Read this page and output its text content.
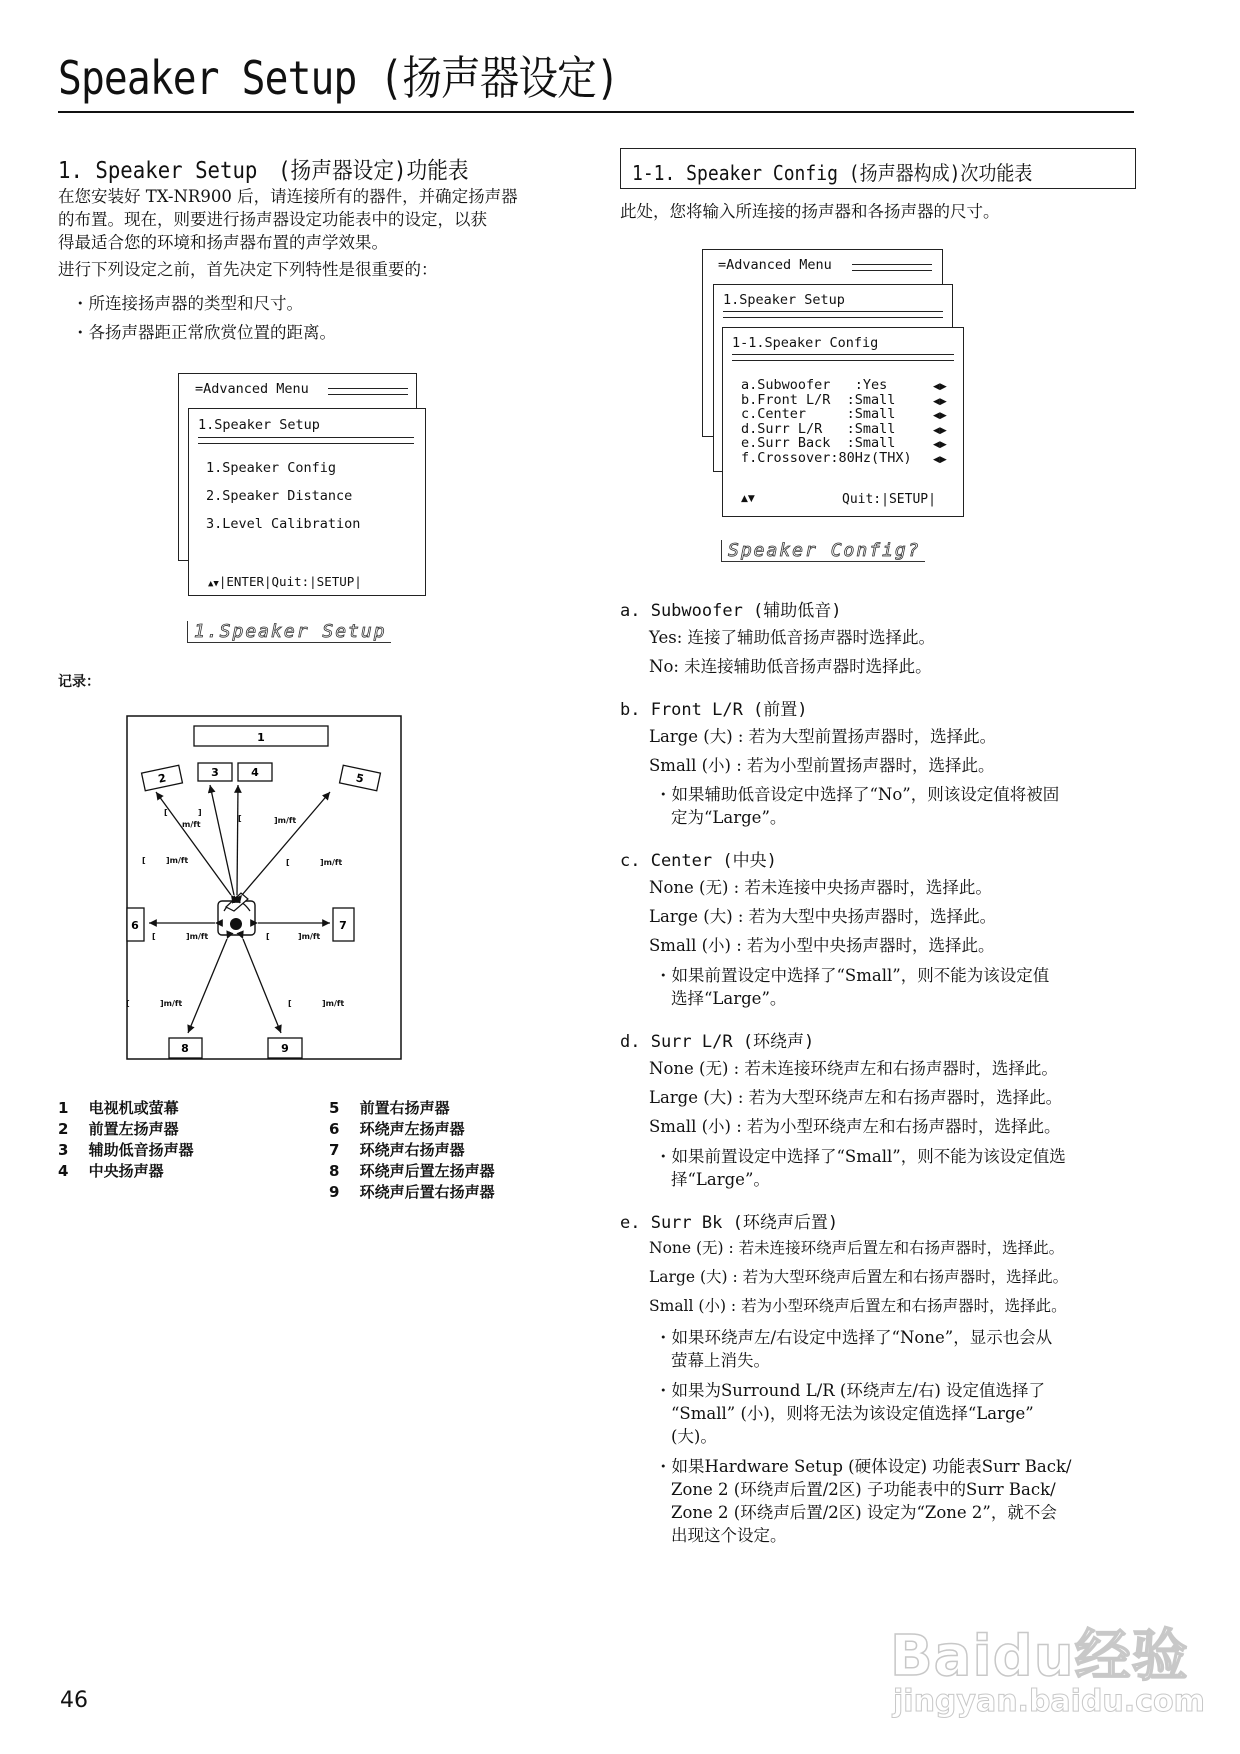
Speaker Setup (扬声器设定)
1. Speaker Setup　(扬声器设定)功能表
在您安装好 TX-NR900 后，请连接所有的器件，并确定扬声器
的布置。现在，则要进行扬声器设定功能表中的设定，以获
得最适合您的环境和扬声器布置的声学效果。
进行下列设定之前，首先决定下列特性是很重要的：
・所连接扬声器的类型和尺寸。
・各扬声器距正常欣赏位置的距离。
=Advanced Menu
1.Speaker Setup
1.Speaker Config
2.Speaker Distance
3.Level Calibration
▲▼|ENTER|Quit:|SETUP|
1.Speaker Setup
记录：
1
3	4
2	5
6	7
8	9
[	]m/ft
[	]
m/ft
[	]m/ft
[	]m/ft
[	]m/ft	[	]m/ft
[	]m/ft	[	]m/ft
1　 电视机或萤幕
2　 前置左扬声器
3　 辅助低音扬声器
4　 中央扬声器
5　 前置右扬声器
6　 环绕声左扬声器
7　 环绕声右扬声器
8　 环绕声后置左扬声器
9　 环绕声后置右扬声器
1-1. Speaker Config (扬声器构成)次功能表
此处，您将输入所连接的扬声器和各扬声器的尺寸。
=Advanced Menu
1.Speaker Setup
1-1.Speaker Config
a.Subwoofer   :Yes
b.Front L/R  :Small
c.Center     :Small
d.Surr L/R   :Small
e.Surr Back  :Small
f.Crossover:80Hz(THX)
◀▶
◀▶
◀▶
◀▶
◀▶
◀▶
▲▼	Quit:|SETUP|
Speaker Config?
a. Subwoofer (辅助低音)
Yes: 连接了辅助低音扬声器时选择此。
No: 未连接辅助低音扬声器时选择此。
b. Front L/R (前置)
Large (大) : 若为大型前置扬声器时，选择此。
Small (小) : 若为小型前置扬声器时，选择此。
・如果辅助低音设定中选择了“No”，则该设定值将被固
定为“Large”。
c. Center (中央)
None (无) : 若未连接中央扬声器时，选择此。
Large (大) : 若为大型中央扬声器时，选择此。
Small (小) : 若为小型中央扬声器时，选择此。
・如果前置设定中选择了“Small”，则不能为该设定值
选择“Large”。
d. Surr L/R (环绕声)
None (无) : 若未连接环绕声左和右扬声器时，选择此。
Large (大) : 若为大型环绕声左和右扬声器时，选择此。
Small (小) : 若为小型环绕声左和右扬声器时，选择此。
・如果前置设定中选择了“Small”，则不能为该设定值选
择“Large”。
e. Surr Bk (环绕声后置)
None (无) : 若未连接环绕声后置左和右扬声器时，选择此。
Large (大) : 若为大型环绕声后置左和右扬声器时，选择此。
Small (小) : 若为小型环绕声后置左和右扬声器时，选择此。
・如果环绕声左/右设定中选择了“None”，显示也会从
萤幕上消失。
・如果为Surround L/R (环绕声左/右) 设定值选择了
“Small” (小)，则将无法为该设定值选择“Large”
(大)。
・如果Hardware Setup (硬体设定) 功能表Surr Back/
Zone 2 (环绕声后置/2区) 子功能表中的Surr Back/
Zone 2 (环绕声后置/2区) 设定为“Zone 2”，就不会
出现这个设定。
46
Baidu经验
jingyan.baidu.com
